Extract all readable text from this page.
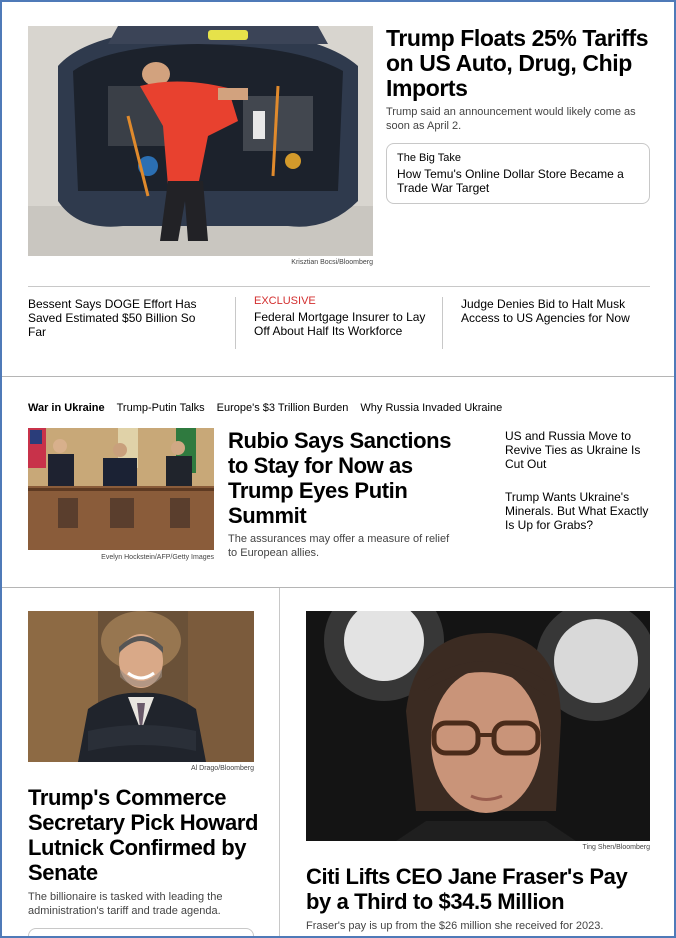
Krisztian Bocsi/Bloomberg
Trump Floats 25% Tariffs on US Auto, Drug, Chip Imports
Trump said an announcement would likely come as soon as April 2.
The Big Take
How Temu's Online Dollar Store Became a Trade War Target
Bessent Says DOGE Effort Has Saved Estimated $50 Billion So Far
EXCLUSIVE
Federal Mortgage Insurer to Lay Off About Half Its Workforce
Judge Denies Bid to Halt Musk Access to US Agencies for Now
War in Ukraine Trump-Putin Talks Europe's $3 Trillion Burden Why Russia Invaded Ukraine
Evelyn Hockstein/AFP/Getty Images
Rubio Says Sanctions to Stay for Now as Trump Eyes Putin Summit
The assurances may offer a measure of relief to European allies.
US and Russia Move to Revive Ties as Ukraine Is Cut Out
Trump Wants Ukraine's Minerals. But What Exactly Is Up for Grabs?
Al Drago/Bloomberg
Trump's Commerce Secretary Pick Howard Lutnick Confirmed by Senate
The billionaire is tasked with leading the administration's tariff and trade agenda.
Ting Shen/Bloomberg
Citi Lifts CEO Jane Fraser's Pay by a Third to $34.5 Million
Fraser's pay is up from the $26 million she received for 2023.
